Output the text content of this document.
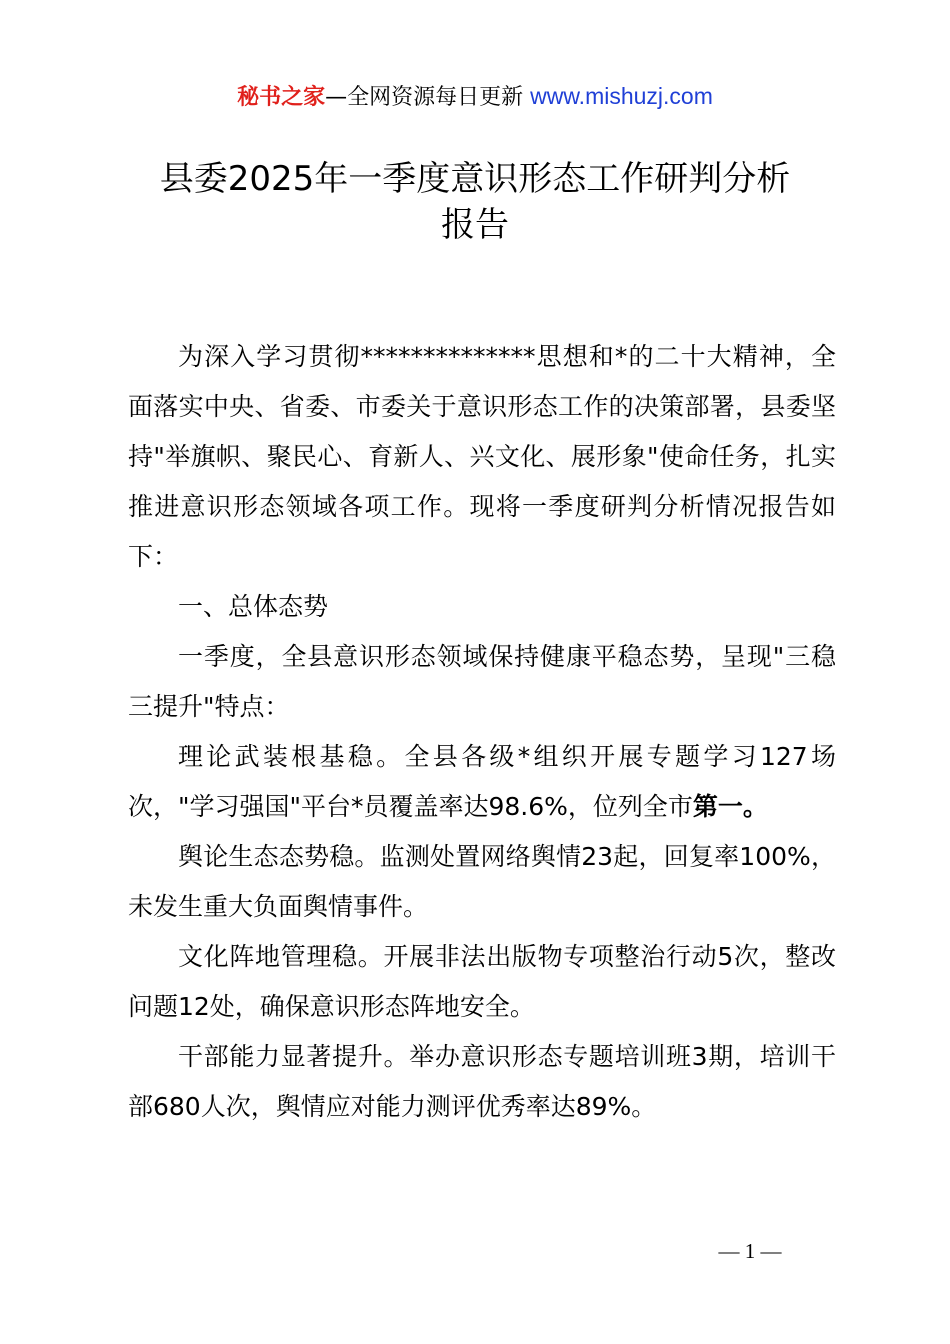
秘书之家—全网资源每日更新 www.mishuzj.com
县委2025年一季度意识形态工作研判分析
报告

为深入学习贯彻**************思想和*的二十大精神，全面落实中央、省委、市委关于意识形态工作的决策部署，县委坚持"举旗帜、聚民心、育新人、兴文化、展形象"使命任务，扎实推进意识形态领域各项工作。现将一季度研判分析情况报告如下：

一、总体态势

一季度，全县意识形态领域保持健康平稳态势，呈现"三稳三提升"特点：

理论武装根基稳。全县各级*组织开展专题学习127场次，"学习强国"平台*员覆盖率达98.6%，位列全市第一。

舆论生态态势稳。监测处置网络舆情23起，回复率100%，未发生重大负面舆情事件。

文化阵地管理稳。开展非法出版物专项整治行动5次，整改问题12处，确保意识形态阵地安全。

干部能力显著提升。举办意识形态专题培训班3期，培训干部680人次，舆情应对能力测评优秀率达89%。

— 1 —
